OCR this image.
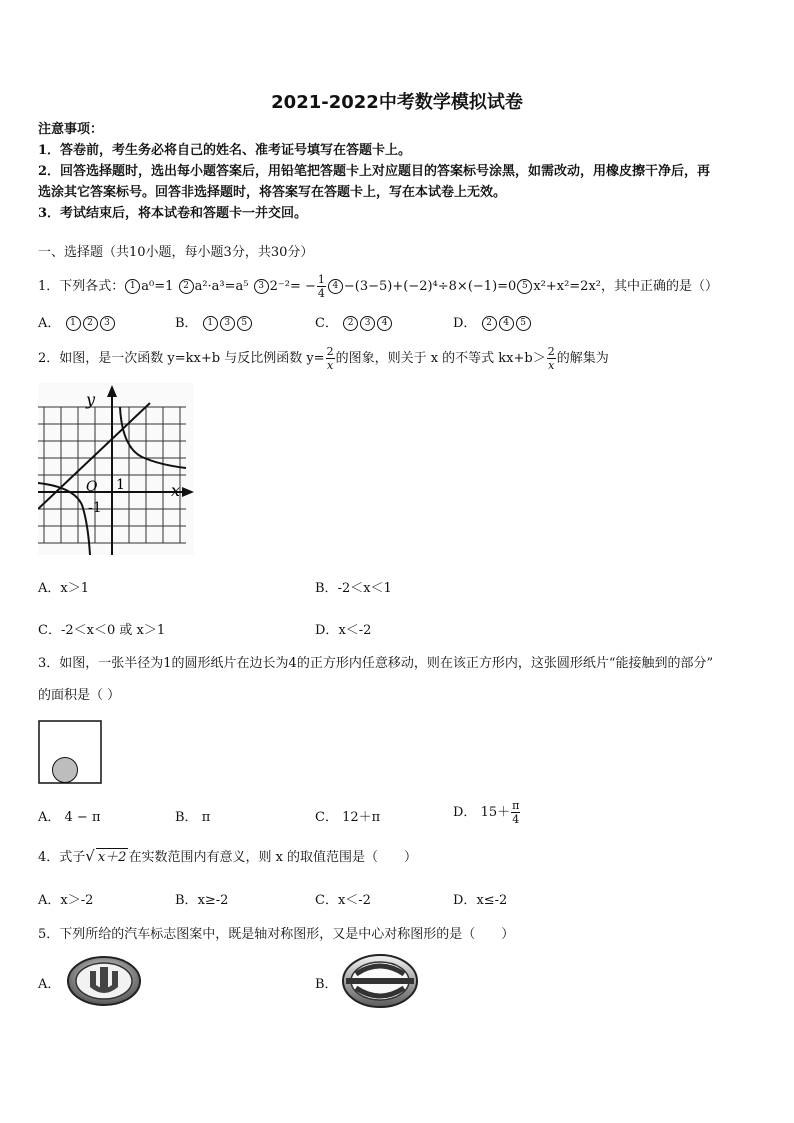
2021-2022中考数学模拟试卷
注意事项：
1．答卷前，考生务必将自己的姓名、准考证号填写在答题卡上。
2．回答选择题时，选出每小题答案后，用铅笔把答题卡上对应题目的答案标号涂黑，如需改动，用橡皮擦干净后，再
选涂其它答案标号。回答非选择题时，将答案写在答题卡上，写在本试卷上无效。
3．考试结束后，将本试卷和答题卡一并交回。
一、选择题（共10小题，每小题3分，共30分）
1．下列各式： 1 a⁰=1 2 a²·a³=a⁵ 3 $2^{-2}= - \frac{1}{4} 4 -(3-5)+(-2)^4\div 8\times(-1)=0$ 5 x²+x²=2x²，其中正确的是（）
A． 1 2 3	B． 1 3 5	C． 2 3 4	D． 2 4 5
2．如图，是一次函数 y=kx+b 与反比例函数 $y= \frac{2}{x}$ 的图象，则关于 x 的不等式 $kx+b> \frac{2}{x}$ 的解集为
y
x
O 1
-1
A．x＞1	B．-2＜x＜1
C．-2＜x＜0 或 x＞1	D．x＜-2
3．如图，一张半径为1的圆形纸片在边长为4的正方形内任意移动，则在该正方形内，这张圆形纸片“能接触到的部分”
的面积是（ ）
A． 4 − π	B． π	C． 12＋π	D． $15+ \frac{\pi}{4}$
4．式子√ x＋2 在实数范围内有意义，则 x 的取值范围是（　　）
A．x＞-2	B．x≥-2	C．x＜-2	D．x≤-2
5．下列所给的汽车标志图案中，既是轴对称图形，又是中心对称图形的是（　　）
A．	B．
